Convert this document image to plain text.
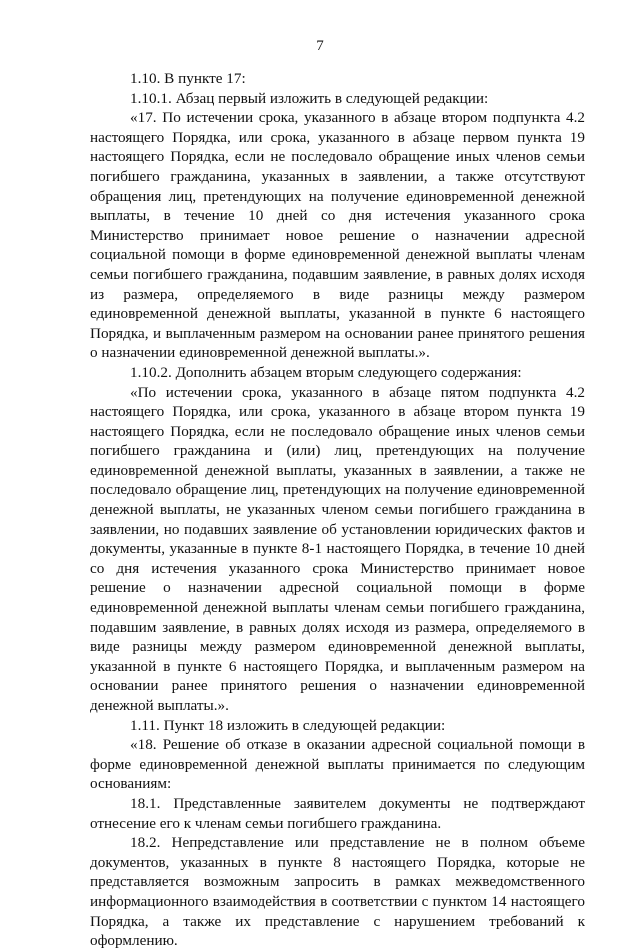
7

1.10. В пункте 17:

1.10.1. Абзац первый изложить в следующей редакции:

«17. По истечении срока, указанного в абзаце втором подпункта 4.2 настоящего Порядка, или срока, указанного в абзаце первом пункта 19 настоящего Порядка, если не последовало обращение иных членов семьи погибшего гражданина, указанных в заявлении, а также отсутствуют обращения лиц, претендующих на получение единовременной денежной выплаты, в течение 10 дней со дня истечения указанного срока Министерство принимает новое решение о назначении адресной социальной помощи в форме единовременной денежной выплаты членам семьи погибшего гражданина, подавшим заявление, в равных долях исходя из размера, определяемого в виде разницы между размером единовременной денежной выплаты, указанной в пункте 6 настоящего Порядка, и выплаченным размером на основании ранее принятого решения о назначении единовременной денежной выплаты.».

1.10.2. Дополнить абзацем вторым следующего содержания:

«По истечении срока, указанного в абзаце пятом подпункта 4.2 настоящего Порядка, или срока, указанного в абзаце втором пункта 19 настоящего Порядка, если не последовало обращение иных членов семьи погибшего гражданина и (или) лиц, претендующих на получение единовременной денежной выплаты, указанных в заявлении, а также не последовало обращение лиц, претендующих на получение единовременной денежной выплаты, не указанных членом семьи погибшего гражданина в заявлении, но подавших заявление об установлении юридических фактов и документы, указанные в пункте 8-1 настоящего Порядка, в течение 10 дней со дня истечения указанного срока Министерство принимает новое решение о назначении адресной социальной помощи в форме единовременной денежной выплаты членам семьи погибшего гражданина, подавшим заявление, в равных долях исходя из размера, определяемого в виде разницы между размером единовременной денежной выплаты, указанной в пункте 6 настоящего Порядка, и выплаченным размером на основании ранее принятого решения о назначении единовременной денежной выплаты.».

1.11. Пункт 18 изложить в следующей редакции:

«18. Решение об отказе в оказании адресной социальной помощи в форме единовременной денежной выплаты принимается по следующим основаниям:

18.1. Представленные заявителем документы не подтверждают отнесение его к членам семьи погибшего гражданина.

18.2. Непредставление или представление не в полном объеме документов, указанных в пункте 8 настоящего Порядка, которые не представляется возможным запросить в рамках межведомственного информационного взаимодействия в соответствии с пунктом 14 настоящего Порядка, а также их представление с нарушением требований к оформлению.
